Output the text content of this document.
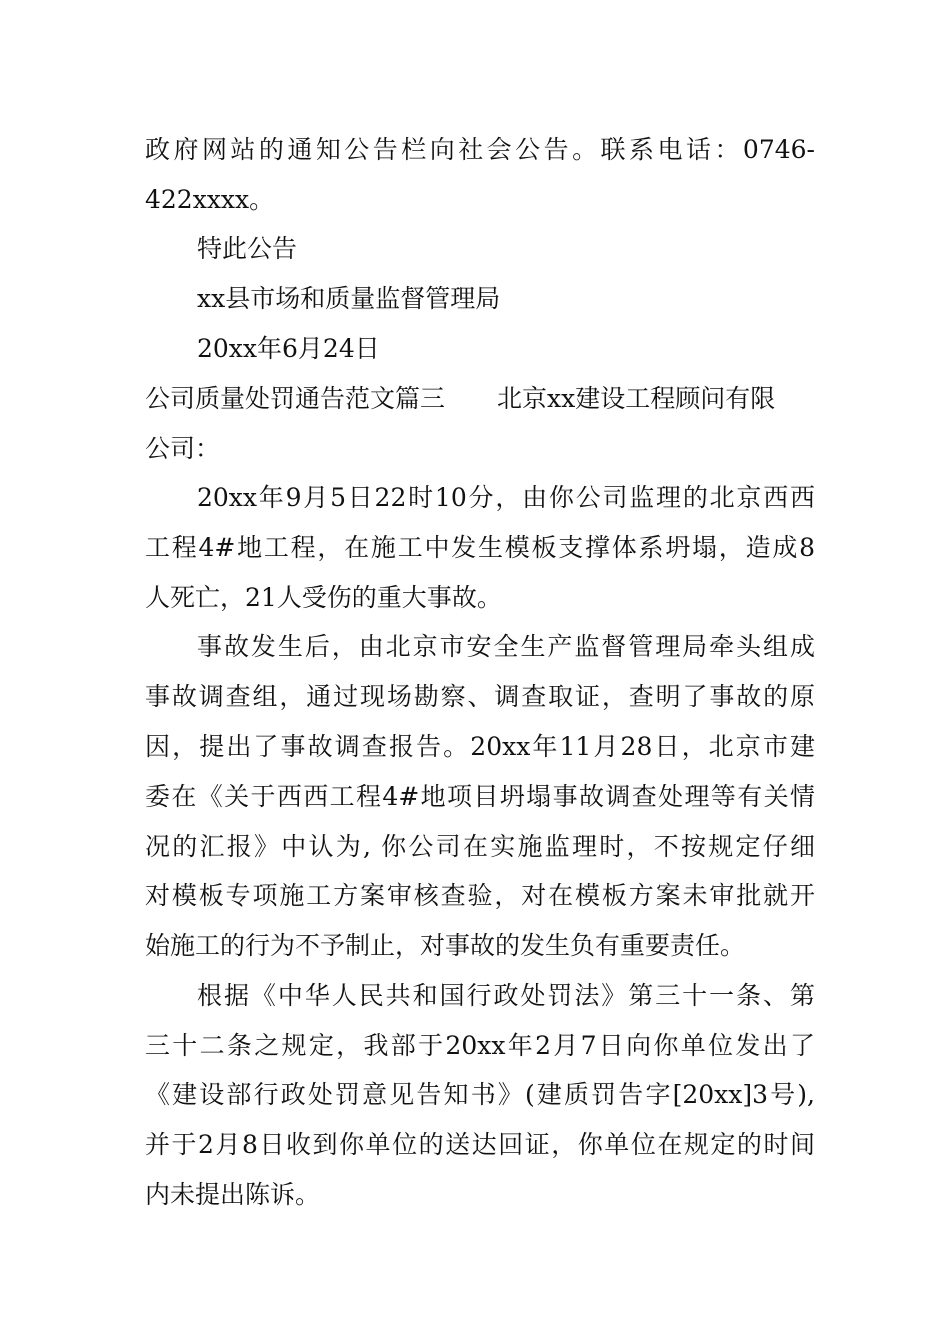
政府网站的通知公告栏向社会公告。联系电话：0746-
422xxxx。
特此公告
xx县市场和质量监督管理局
20xx年6月24日
公司质量处罚通告范文篇三 北京xx建设工程顾问有限
公司：
20xx年9月5日22时10分，由你公司监理的北京西西
工程4#地工程，在施工中发生模板支撑体系坍塌，造成8
人死亡，21人受伤的重大事故。
事故发生后，由北京市安全生产监督管理局牵头组成
事故调查组，通过现场勘察、调查取证，查明了事故的原
因，提出了事故调查报告。20xx年11月28日，北京市建
委在《关于西西工程4#地项目坍塌事故调查处理等有关情
况的汇报》中认为, 你公司在实施监理时，不按规定仔细
对模板专项施工方案审核查验，对在模板方案未审批就开
始施工的行为不予制止，对事故的发生负有重要责任。
根据《中华人民共和国行政处罚法》第三十一条、第
三十二条之规定，我部于20xx年2月7日向你单位发出了
《建设部行政处罚意见告知书》(建质罚告字[20xx]3号),
并于2月8日收到你单位的送达回证，你单位在规定的时间
内未提出陈诉。
